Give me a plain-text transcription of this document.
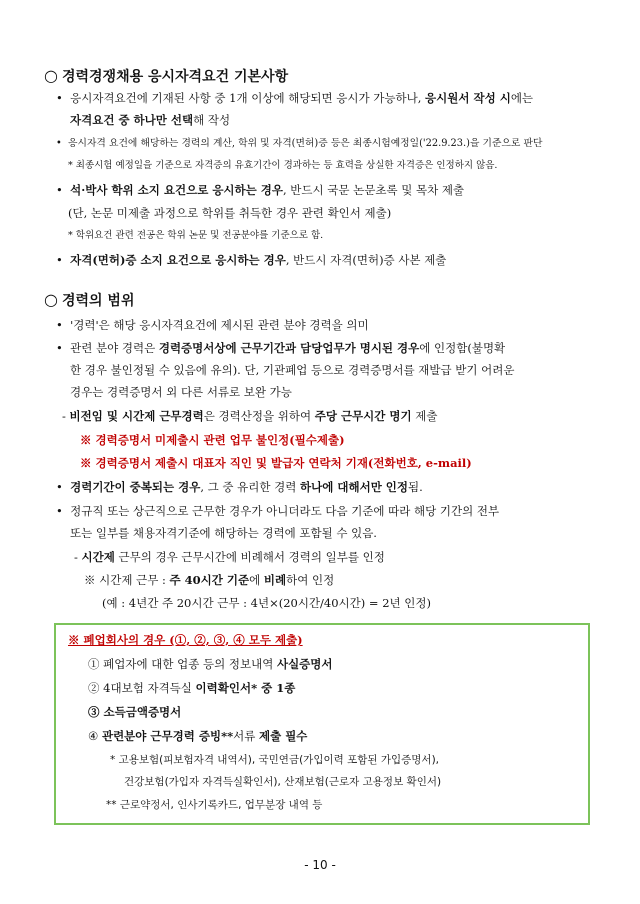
○ 경력경쟁채용 응시자격요건 기본사항
•  응시자격요건에 기재된 사항 중 1개 이상에 해당되면 응시가 가능하나, 응시원서 작성 시에는
자격요건 중 하나만 선택해 작성
•  응시자격 요건에 해당하는 경력의 계산, 학위 및 자격(면허)증 등은 최종시험예정일('22.9.23.)을 기준으로 판단
* 최종시험 예정일을 기준으로 자격증의 유효기간이 경과하는 등 효력을 상실한 자격증은 인정하지 않음.
•  석·박사 학위 소지 요건으로 응시하는 경우, 반드시 국문 논문초록 및 목차 제출
(단, 논문 미제출 과정으로 학위를 취득한 경우 관련 확인서 제출)
* 학위요건 관련 전공은 학위 논문 및 전공분야를 기준으로 함.
•  자격(면허)증 소지 요건으로 응시하는 경우, 반드시 자격(면허)증 사본 제출
○ 경력의 범위
•  '경력'은 해당 응시자격요건에 제시된 관련 분야 경력을 의미
•  관련 분야 경력은 경력증명서상에 근무기간과 담당업무가 명시된 경우에 인정함(불명확
한 경우 불인정될 수 있음에 유의). 단, 기관폐업 등으로 경력증명서를 재발급 받기 어려운
경우는 경력증명서 외 다른 서류로 보완 가능
- 비전임 및 시간제 근무경력은 경력산정을 위하여 주당 근무시간 명기 제출
※ 경력증명서 미제출시 관련 업무 불인정(필수제출)
※ 경력증명서 제출시 대표자 직인 및 발급자 연락처 기재(전화번호, e-mail)
•  경력기간이 중복되는 경우, 그 중 유리한 경력 하나에 대해서만 인정됨.
•  정규직 또는 상근직으로 근무한 경우가 아니더라도 다음 기준에 따라 해당 기간의 전부
또는 일부를 채용자격기준에 해당하는 경력에 포함될 수 있음.
- 시간제 근무의 경우 근무시간에 비례해서 경력의 일부를 인정
※ 시간제 근무 : 주 40시간 기준에 비례하여 인정
(예 : 4년간 주 20시간 근무 : 4년×(20시간/40시간) = 2년 인정)
※ 폐업회사의 경우 (①, ②, ③, ④ 모두 제출)
① 폐업자에 대한 업종 등의 정보내역 사실증명서
② 4대보험 자격득실 이력확인서* 중 1종
③ 소득금액증명서
④ 관련분야 근무경력 증빙**서류 제출 필수
* 고용보험(피보험자격 내역서), 국민연금(가입이력 포함된 가입증명서),
건강보험(가입자 자격득실확인서), 산재보험(근로자 고용정보 확인서)
** 근로약정서, 인사기록카드, 업무분장 내역 등
- 10 -
